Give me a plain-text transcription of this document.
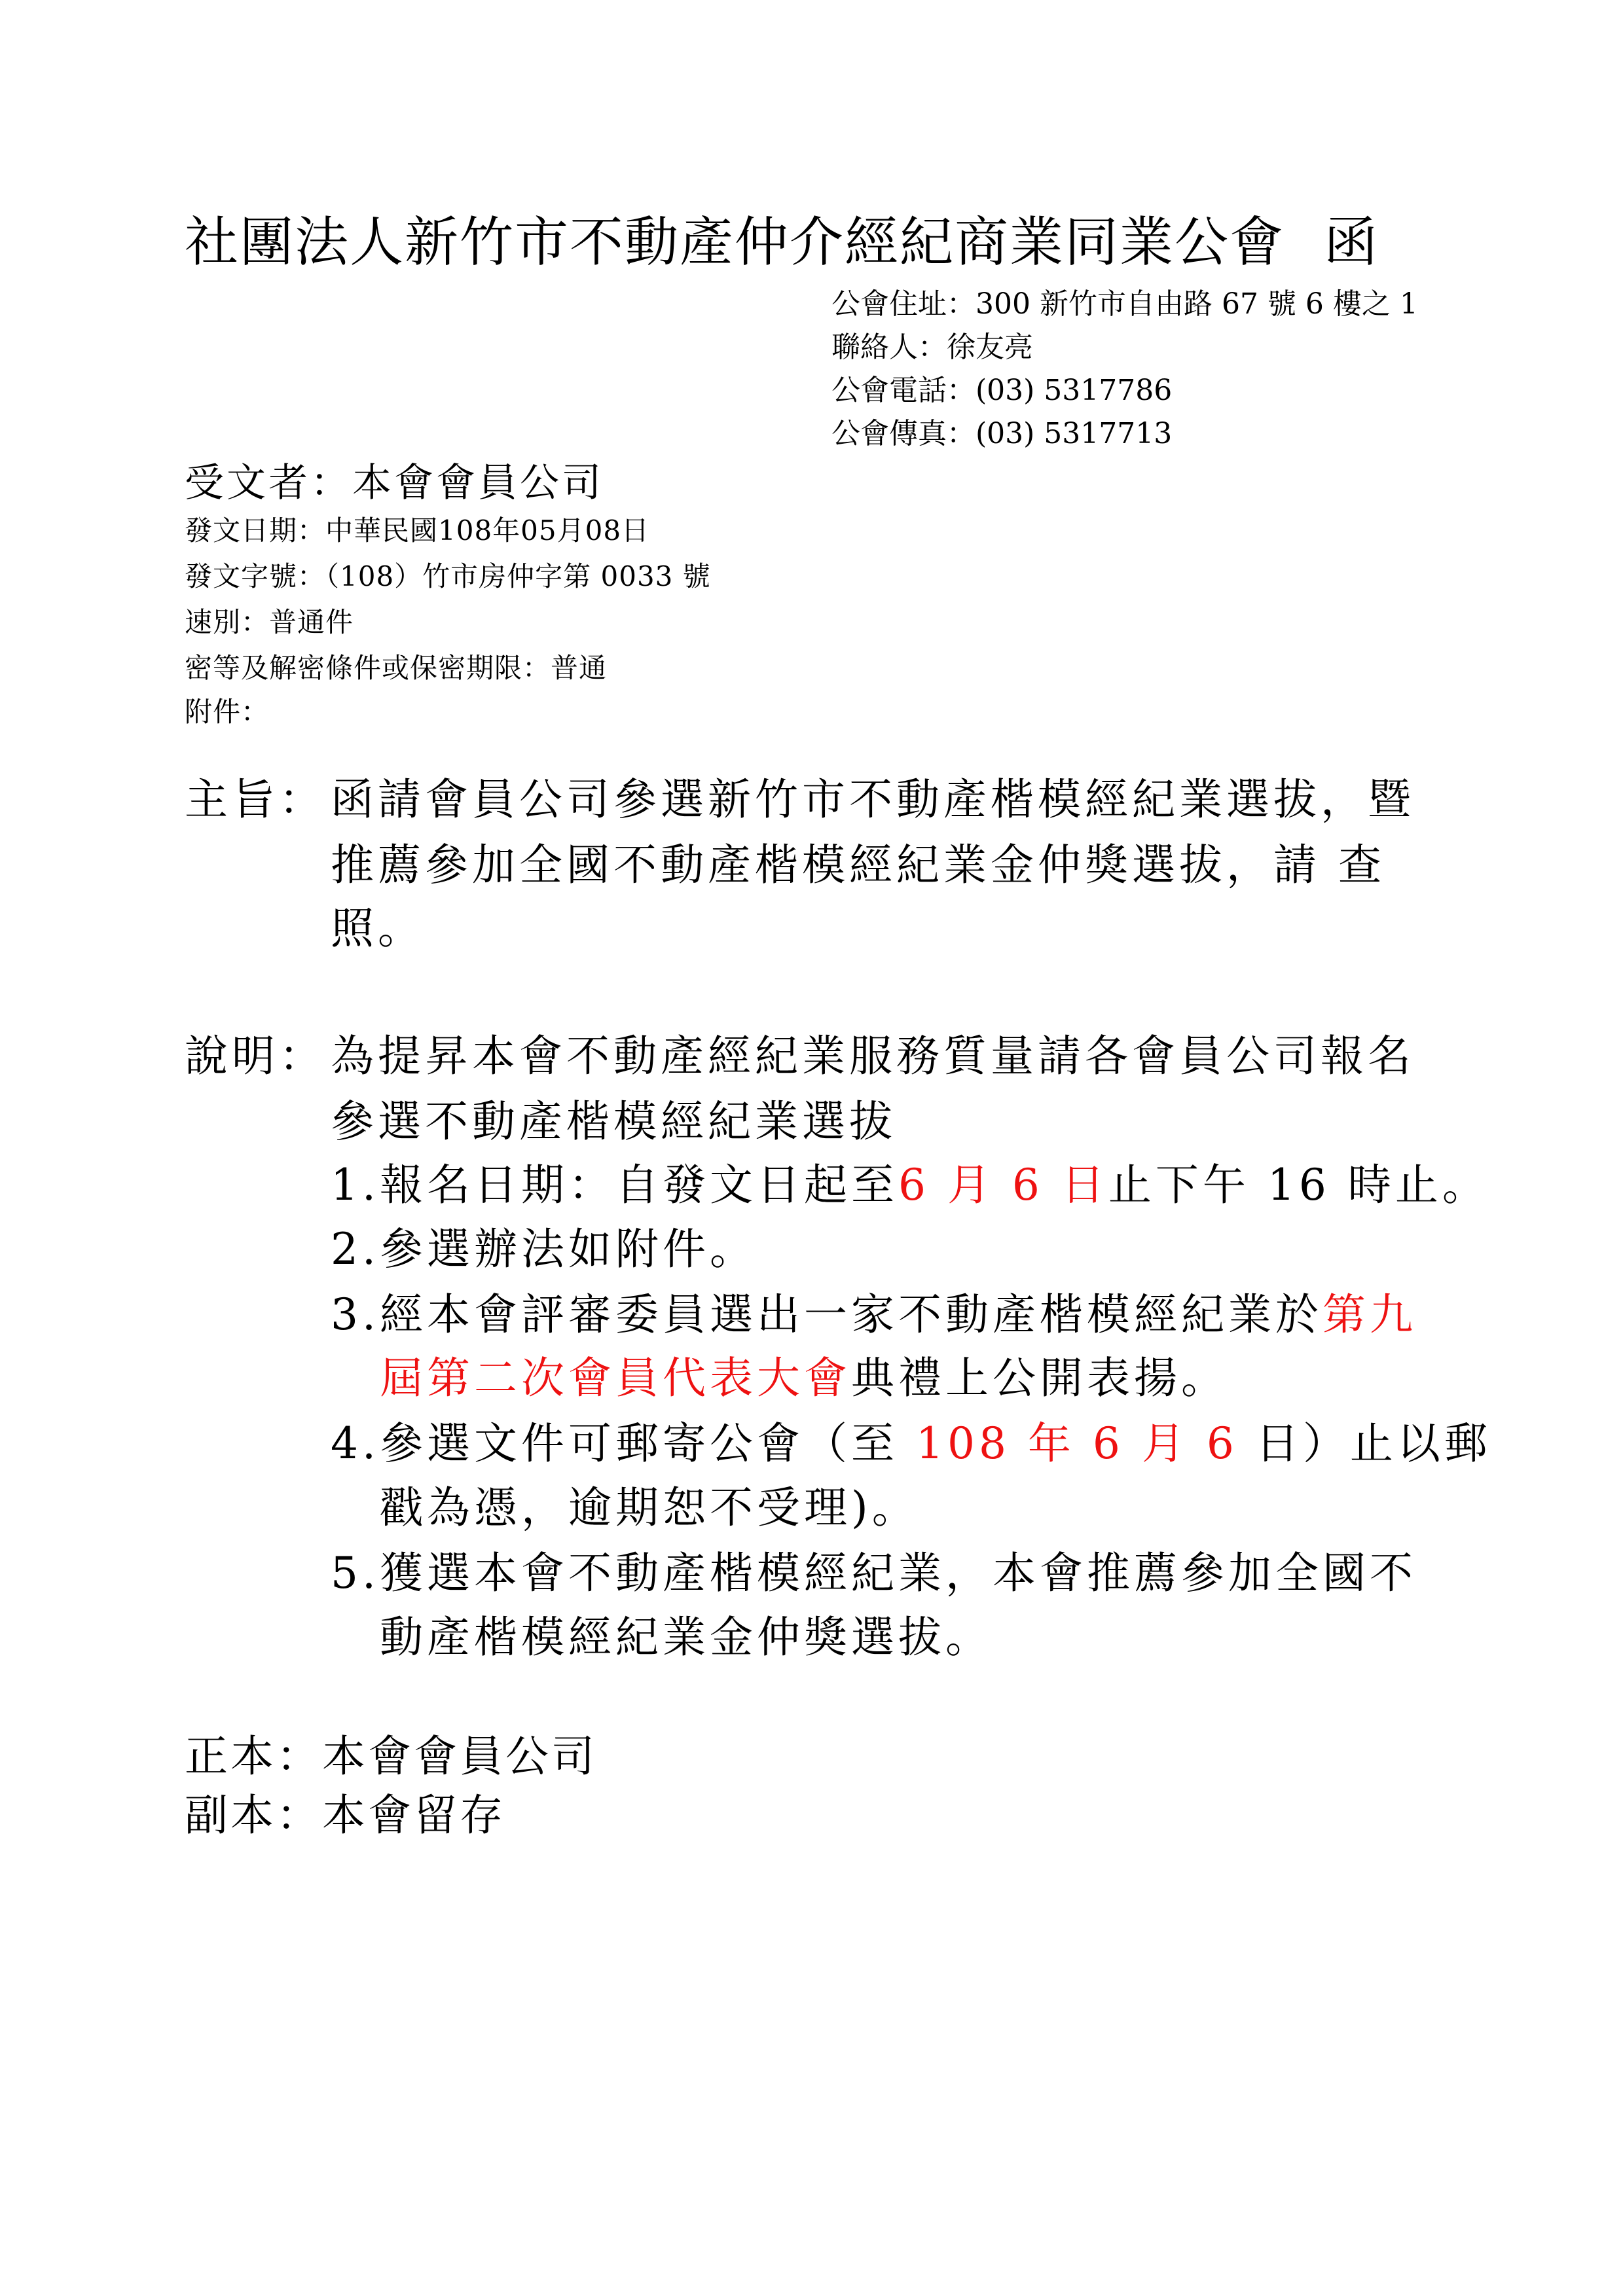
社團法人新竹市不動產仲介經紀商業同業公會 函
公會住址：300 新竹市自由路 67 號 6 樓之 1
聯絡人：徐友亮
公會電話：(03) 5317786
公會傳真：(03) 5317713
受文者：本會會員公司
發文日期：中華民國108年05月08日
發文字號：（108）竹市房仲字第 0033 號
速別：普通件
密等及解密條件或保密期限：普通
附件：
主旨： 函請會員公司參選新竹市不動產楷模經紀業選拔，暨
推薦參加全國不動產楷模經紀業金仲獎選拔，請 查
照。
說明： 為提昇本會不動產經紀業服務質量請各會員公司報名
參選不動產楷模經紀業選拔
1.報名日期：自發文日起至6 月 6 日止下午 16 時止。
2.參選辦法如附件。
3.經本會評審委員選出一家不動產楷模經紀業於第九
屆第二次會員代表大會典禮上公開表揚。
4.參選文件可郵寄公會（至 108 年 6 月 6 日）止以郵
戳為憑，逾期恕不受理)。
5.獲選本會不動產楷模經紀業，本會推薦參加全國不
動產楷模經紀業金仲獎選拔。
正本：本會會員公司
副本：本會留存
